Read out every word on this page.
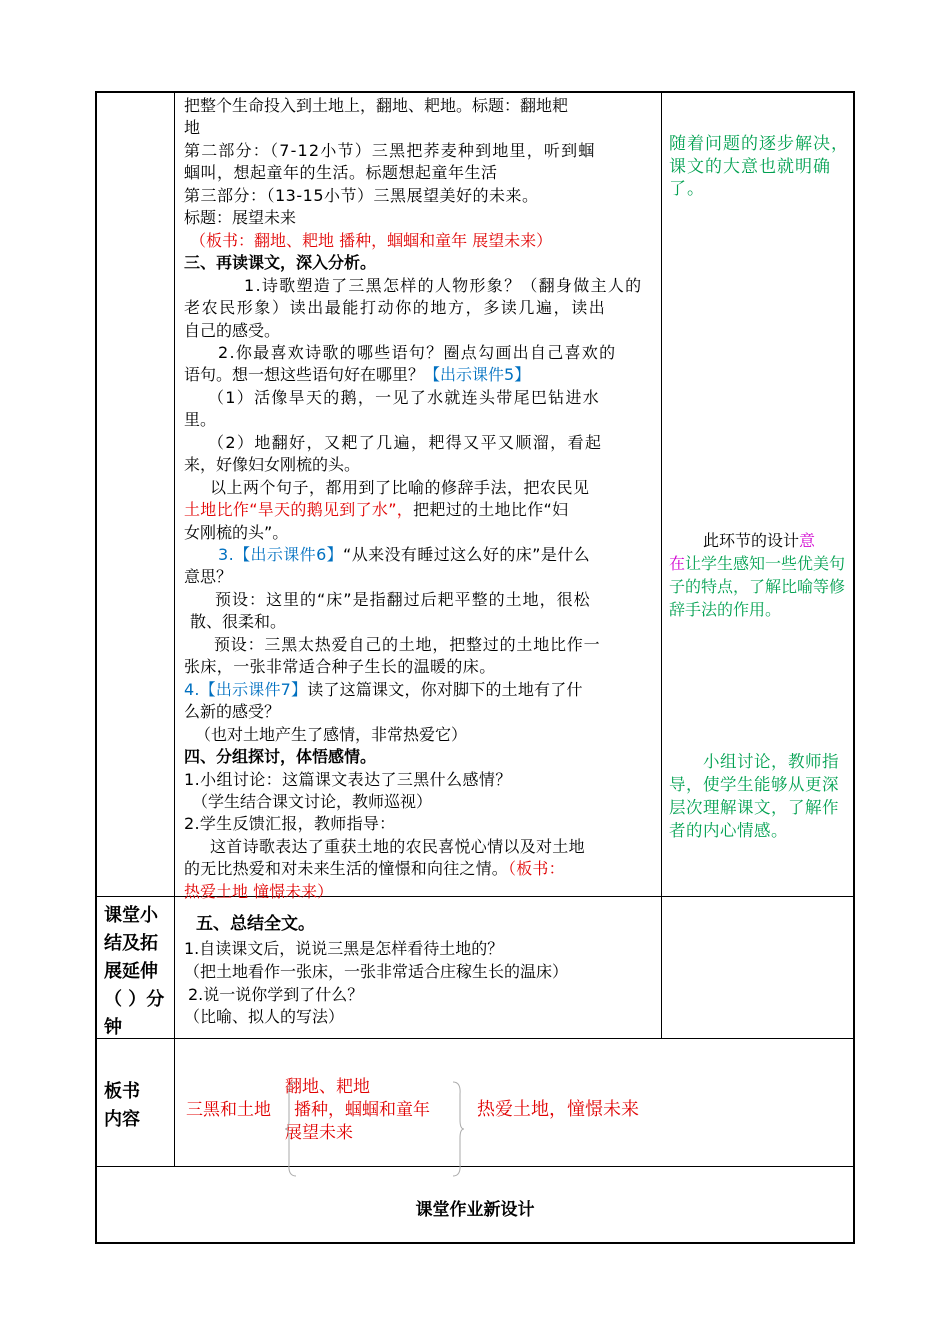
把整个生命投入到土地上，翻地、耙地。标题：翻地耙
地
第二部分：（7-12小节）三黑把荞麦种到地里，听到蝈
蝈叫，想起童年的生活。标题想起童年生活
第三部分：（13-15小节）三黑展望美好的未来。
标题：展望未来
（板书：翻地、耙地 播种，蝈蝈和童年 展望未来）
三、再读课文，深入分析。
1.诗歌塑造了三黑怎样的人物形象？（翻身做主人的
老农民形象）读出最能打动你的地方，多读几遍，读出
自己的感受。
2.你最喜欢诗歌的哪些语句？圈点勾画出自己喜欢的
语句。想一想这些语句好在哪里？【出示课件5】
（1）活像旱天的鹅，一见了水就连头带尾巴钻进水
里。
（2）地翻好，又耙了几遍，耙得又平又顺溜，看起
来，好像妇女刚梳的头。
以上两个句子，都用到了比喻的修辞手法，把农民见
土地比作“旱天的鹅见到了水”，把耙过的土地比作“妇
女刚梳的头”。
3.【出示课件6】“从来没有睡过这么好的床”是什么
意思？
预设：这里的“床”是指翻过后耙平整的土地，很松
散、很柔和。
预设：三黑太热爱自己的土地，把整过的土地比作一
张床，一张非常适合种子生长的温暖的床。
4.【出示课件7】读了这篇课文，你对脚下的土地有了什
么新的感受？
（也对土地产生了感情，非常热爱它）
四、分组探讨，体悟感情。
1.小组讨论：这篇课文表达了三黑什么感情？
（学生结合课文讨论，教师巡视）
2.学生反馈汇报，教师指导：
这首诗歌表达了重获土地的农民喜悦心情以及对土地
的无比热爱和对未来生活的憧憬和向往之情。（板书：
热爱土地 憧憬未来）
随着问题的逐步解决，课文的大意也就明确了。
此环节的设计意
在让学生感知一些优美句子的特点，了解比喻等修辞手法的作用。
小组讨论，教师指导，使学生能够从更深层次理解课文，了解作者的内心情感。
课堂小
结及拓
展延伸
（ ）分
钟
五、总结全文。
1.自读课文后，说说三黑是怎样看待土地的？
（把土地看作一张床，一张非常适合庄稼生长的温床）
2.说一说你学到了什么？
（比喻、拟人的写法）
板书
内容	三黑和土地
翻地、耙地
播种，蝈蝈和童年
展望未来
热爱土地，憧憬未来
课堂作业新设计
